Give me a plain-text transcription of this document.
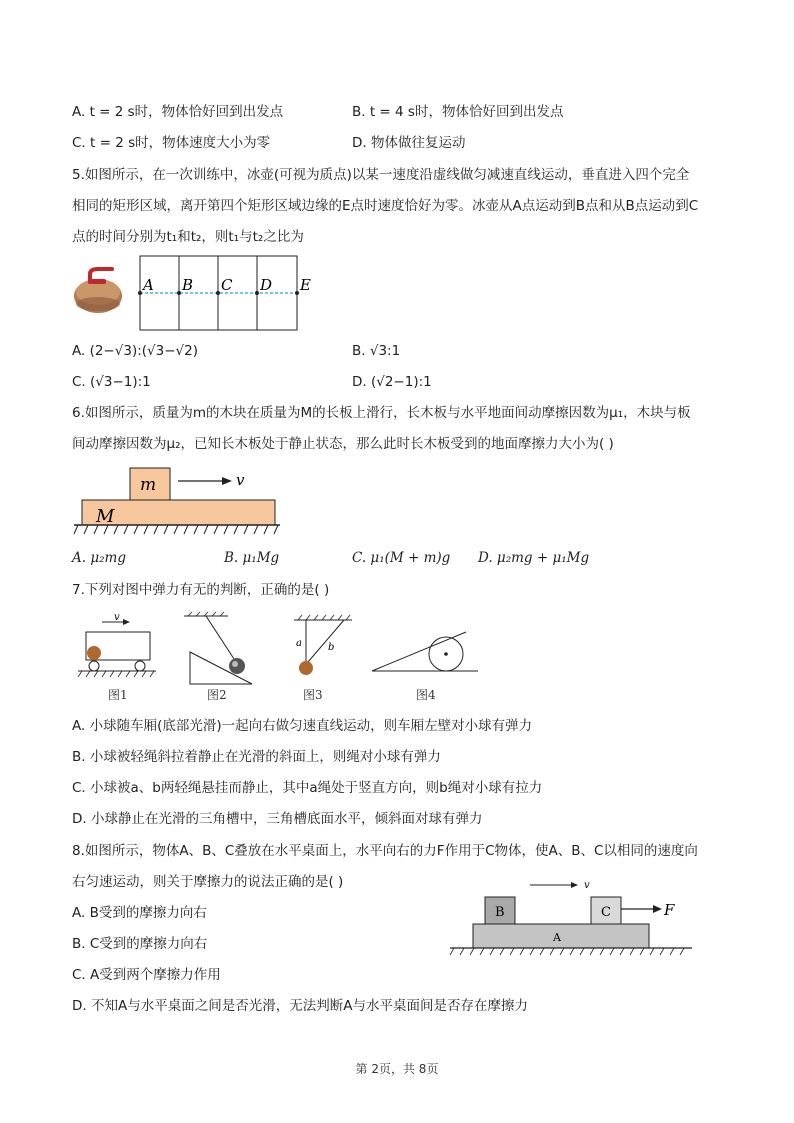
A. t = 2 s时，物体恰好回到出发点	B. t = 4 s时，物体恰好回到出发点
C. t = 2 s时，物体速度大小为零	D. 物体做往复运动
5.如图所示，在一次训练中，冰壶(可视为质点)以某一速度沿虚线做匀减速直线运动，垂直进入四个完全
相同的矩形区域，离开第四个矩形区域边缘的E点时速度恰好为零。冰壶从A点运动到B点和从B点运动到C
点的时间分别为t₁和t₂，则t₁与t₂之比为
A B C D E
A. (2−√3):(√3−√2)	B. √3:1
C. (√3−1):1	D. (√2−1):1
6.如图所示，质量为m的木块在质量为M的长板上滑行，长木板与水平地面间动摩擦因数为μ₁，木块与板
间动摩擦因数为μ₂，已知长木板处于静止状态，那么此时长木板受到的地面摩擦力大小为( )
m
M
v
A. μ₂mg	B. μ₁Mg	C. μ₁(M + m)g D. μ₂mg + μ₁Mg
7.下列对图中弹力有无的判断，正确的是( )
v
图1	图2
a	b
图3	图4
A. 小球随车厢(底部光滑)一起向右做匀速直线运动，则车厢左壁对小球有弹力
B. 小球被轻绳斜拉着静止在光滑的斜面上，则绳对小球有弹力
C. 小球被a、b两轻绳悬挂而静止，其中a绳处于竖直方向，则b绳对小球有拉力
D. 小球静止在光滑的三角槽中，三角槽底面水平，倾斜面对球有弹力
8.如图所示，物体A、B、C叠放在水平桌面上，水平向右的力F作用于C物体，使A、B、C以相同的速度向
右匀速运动，则关于摩擦力的说法正确的是( )	v
F
B	C
A
A. B受到的摩擦力向右
B. C受到的摩擦力向右
C. A受到两个摩擦力作用
D. 不知A与水平桌面之间是否光滑，无法判断A与水平桌面间是否存在摩擦力
第 2页，共 8页
